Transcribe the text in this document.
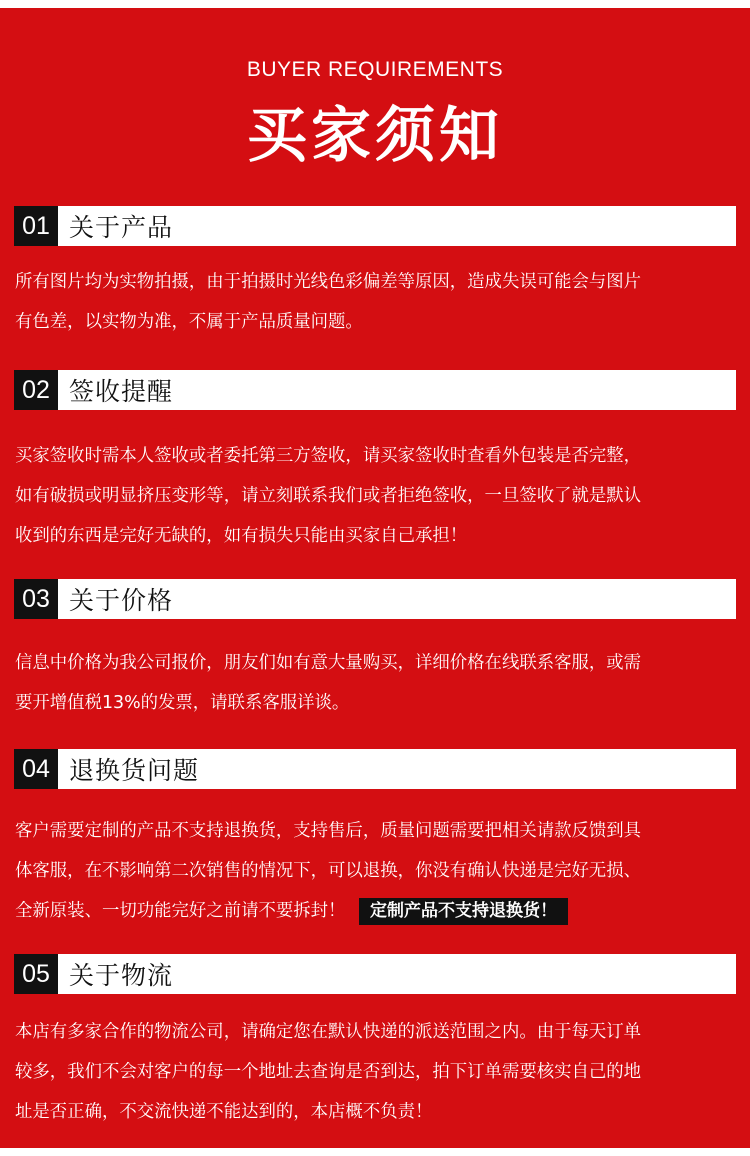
BUYER REQUIREMENTS
买家须知
01 关于产品
所有图片均为实物拍摄，由于拍摄时光线色彩偏差等原因，造成失误可能会与图片
有色差，以实物为准，不属于产品质量问题。
02 签收提醒
买家签收时需本人签收或者委托第三方签收，请买家签收时查看外包装是否完整，
如有破损或明显挤压变形等，请立刻联系我们或者拒绝签收，一旦签收了就是默认
收到的东西是完好无缺的，如有损失只能由买家自己承担！
03 关于价格
信息中价格为我公司报价，朋友们如有意大量购买，详细价格在线联系客服，或需
要开增值税13%的发票，请联系客服详谈。
04 退换货问题
客户需要定制的产品不支持退换货，支持售后，质量问题需要把相关请款反馈到具
体客服，在不影响第二次销售的情况下，可以退换，你没有确认快递是完好无损、
全新原装、一切功能完好之前请不要拆封！ 定制产品不支持退换货！
05 关于物流
本店有多家合作的物流公司，请确定您在默认快递的派送范围之内。由于每天订单
较多，我们不会对客户的每一个地址去查询是否到达，拍下订单需要核实自己的地
址是否正确，不交流快递不能达到的，本店概不负责！
